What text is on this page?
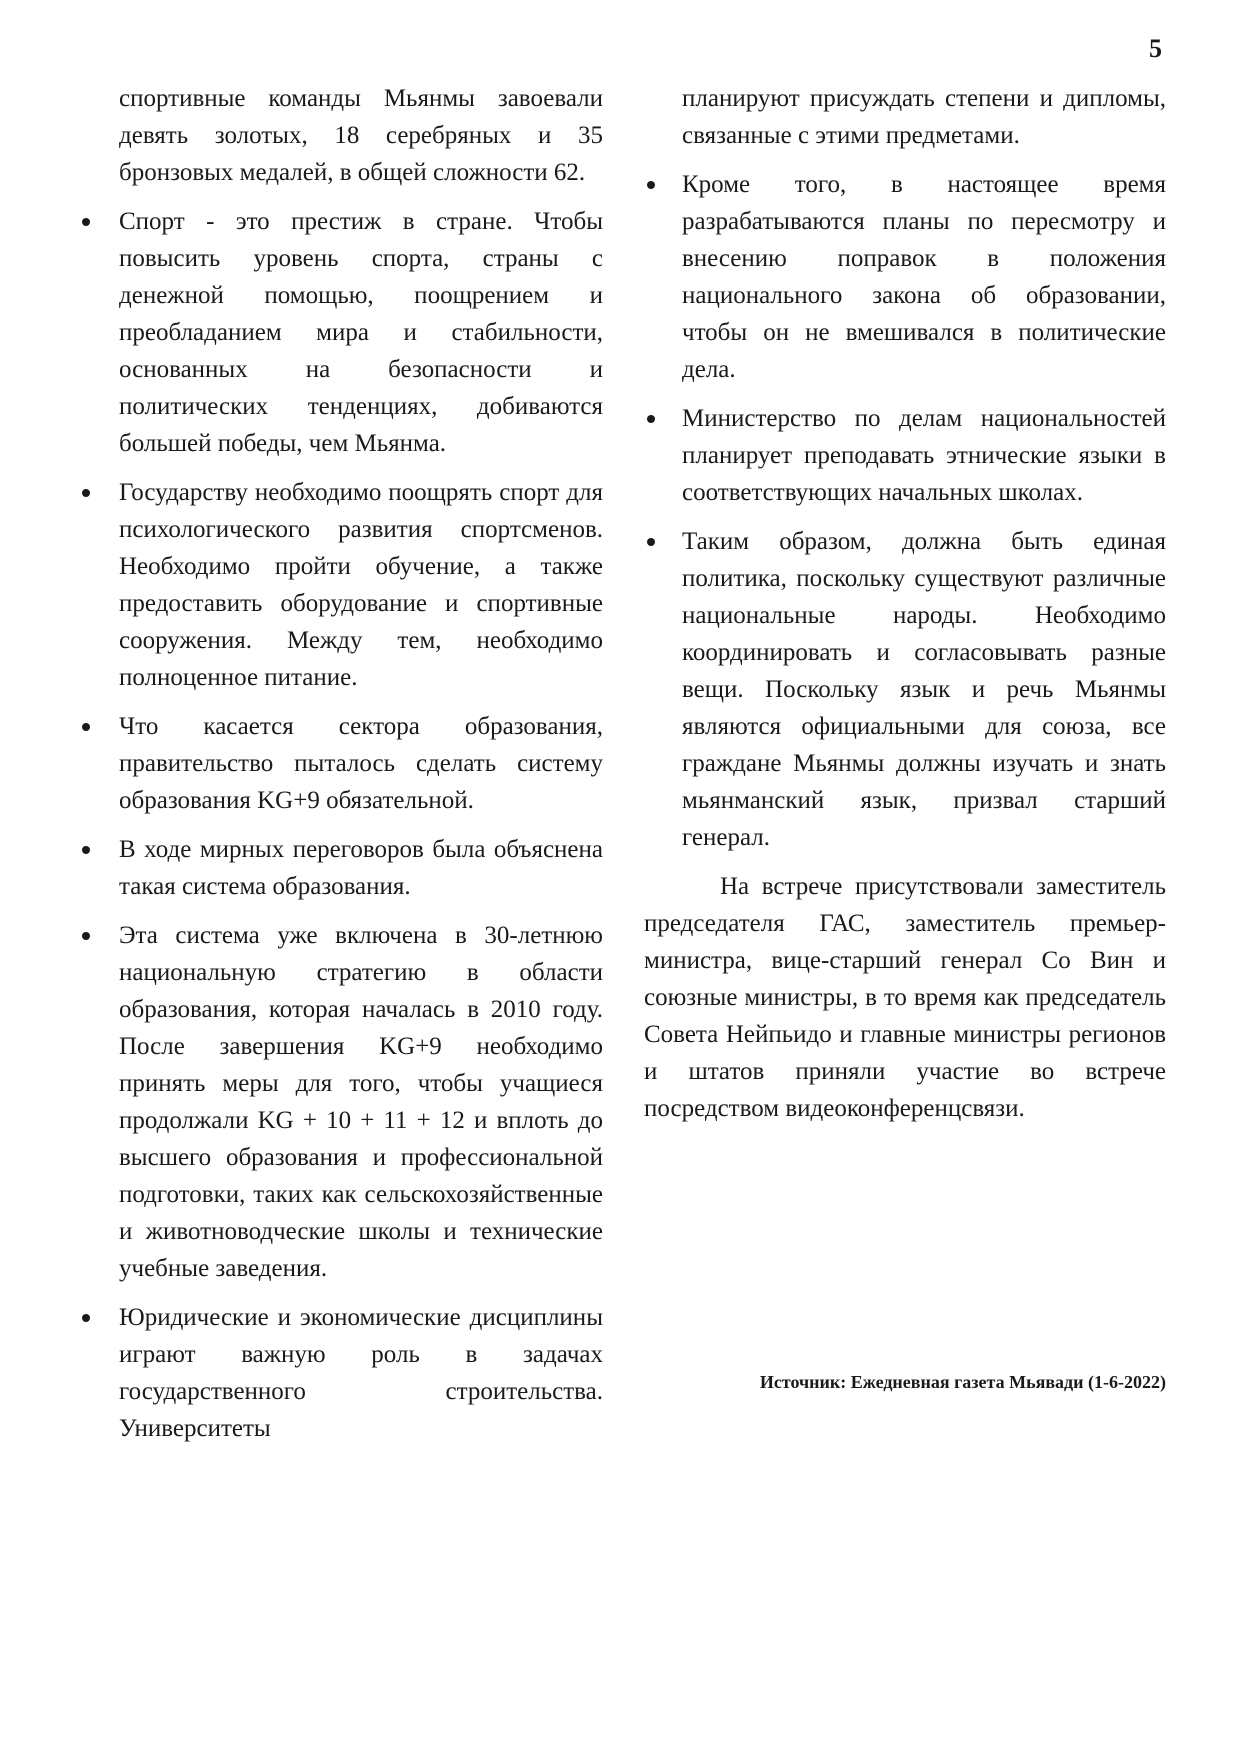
5

спортивные команды Мьянмы завоевали девять золотых, 18 серебряных и 35 бронзовых медалей, в общей сложности 62.

Спорт - это престиж в стране. Чтобы повысить уровень спорта, страны с денежной помощью, поощрением и преобладанием мира и стабильности, основанных на безопасности и политических тенденциях, добиваются большей победы, чем Мьянма.

Государству необходимо поощрять спорт для психологического развития спортсменов. Необходимо пройти обучение, а также предоставить оборудование и спортивные сооружения. Между тем, необходимо полноценное питание.

Что касается сектора образования, правительство пыталось сделать систему образования KG+9 обязательной.

В ходе мирных переговоров была объяснена такая система образования.

Эта система уже включена в 30-летнюю национальную стратегию в области образования, которая началась в 2010 году. После завершения KG+9 необходимо принять меры для того, чтобы учащиеся продолжали KG + 10 + 11 + 12 и вплоть до высшего образования и профессиональной подготовки, таких как сельскохозяйственные и животноводческие школы и технические учебные заведения.

Юридические и экономические дисциплины играют важную роль в задачах государственного строительства. Университеты

планируют присуждать степени и дипломы, связанные с этими предметами.

Кроме того, в настоящее время разрабатываются планы по пересмотру и внесению поправок в положения национального закона об образовании, чтобы он не вмешивался в политические дела.

Министерство по делам национальностей планирует преподавать этнические языки в соответствующих начальных школах.

Таким образом, должна быть единая политика, поскольку существуют различные национальные народы. Необходимо координировать и согласовывать разные вещи. Поскольку язык и речь Мьянмы являются официальными для союза, все граждане Мьянмы должны изучать и знать мьянманский язык, призвал старший генерал.

На встрече присутствовали заместитель председателя ГАС, заместитель премьер-министра, вице-старший генерал Со Вин и союзные министры, в то время как председатель Совета Нейпьидо и главные министры регионов и штатов приняли участие во встрече посредством видеоконференцсвязи.

Источник: Ежедневная газета Мьявади (1-6-2022)
